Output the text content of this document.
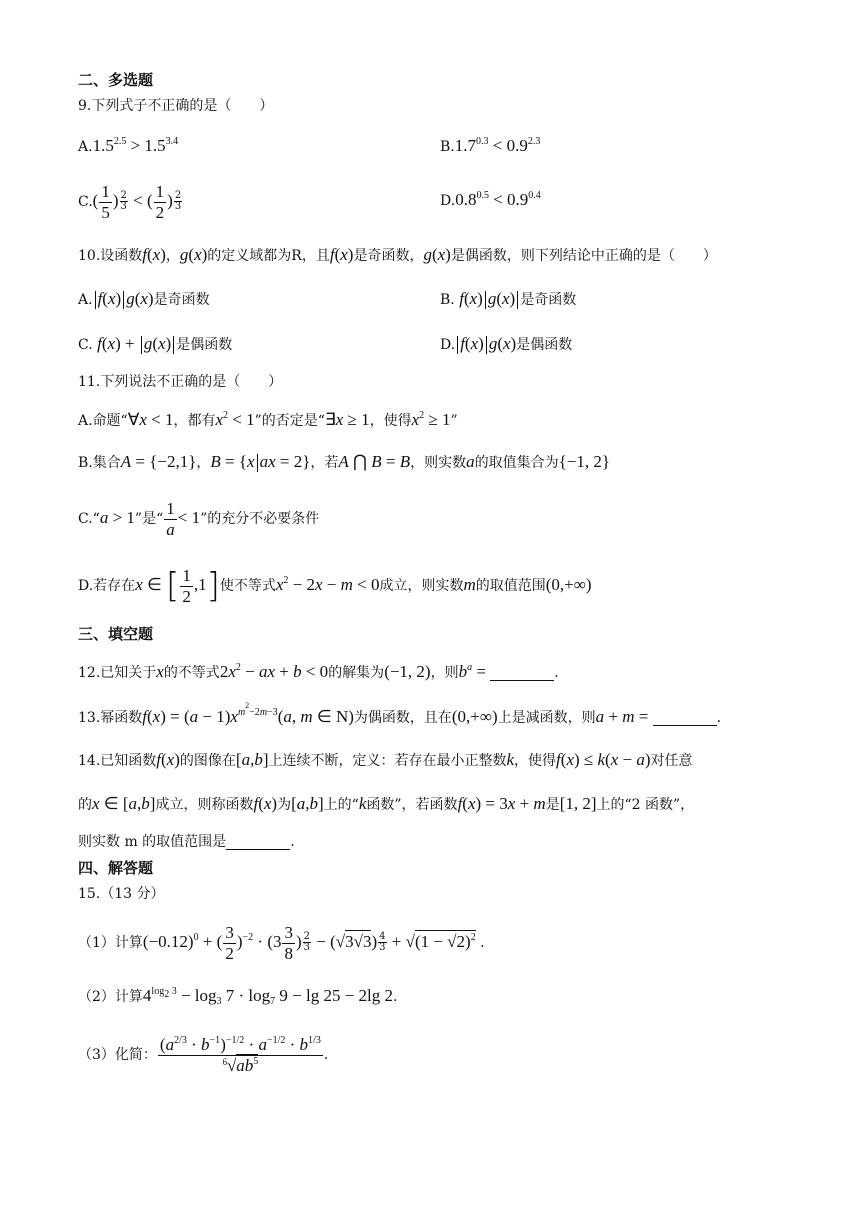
二、多选题
9.下列式子不正确的是（　　）
$A.1.5^{2.5} > 1.5^{3.4}$	$B.1.7^{0.3} < 0.9^{2.3}$
$C.( \frac{1}{5}$ ) $\frac{2}{3}$ < ( $\frac{1}{2}$ ) $\frac{2}{3}$	$D.0.8^{0.5} < 0.9^{0.4}$
10.设函数f(x)，g(x)的定义域都为R，且f(x)是奇函数，g(x)是偶函数，则下列结论中正确的是（　　）
A. f(x) g(x)是奇函数	B. f(x) g(x) 是奇函数
C. f(x) + g(x) 是偶函数	D. f(x) g(x)是偶函数
11.下列说法不正确的是（　　）
A.命题“∀x < 1，都有$x^2 < 1$”的否定是“∃x ≥ 1，使得$x^2 \ge 1$”
B.集合A = {−2,1}，B = {x ax = 2}，若A ⋂ B = B，则实数a的取值集合为{−1, 2}
C.“a > 1”是“ $\frac{1}{a} < 1$”的充分不必要条件
D.若存在x ∈ [ $\frac{1}{2} ,1$]使不等式$x^2 - 2x - m < 0$成立，则实数m的取值范围(0,+∞)
三、填空题
12.已知关于x的不等式$2x^2$ − ax + b < 0的解集为(−1, 2)，则$b^a$ =	.
13.幂函数$f(x) = (a - 1)x^{m^2-2m-3}(a$, m ∈ N)为偶函数，且在(0,+∞)上是减函数，则a + m =	.
14.已知函数f(x)的图像在[a,b]上连续不断，定义：若存在最小正整数k，使得f(x) ≤ k(x − a)对任意
的x ∈ [a,b]成立，则称函数f(x)为[a,b]上的“k函数”，若函数f(x) = 3x + m是[1, 2]上的“2 函数”，
则实数 m 的取值范围是	.
四、解答题
15.（13 分）
（1）计算$(-0.12)^0$ + ( $\frac{3}{2} )^{-2} \cdot (3 \frac{3}{8}$ ) $\frac{2}{3} - (√3√3) \frac{4}{3} + √(1 - √2)^2$ .
（2）计算$4^{log_2 3} - \log_3 7 \cdot \log_7 9 - \lg 25 - 2\lg$ 2.
（3）化简： $\frac{(a^{2/3} \cdot b^{-1})^{-1/2} \cdot a^{-1/2} \cdot b^{1/3}}{^6√ab^5}$ .
